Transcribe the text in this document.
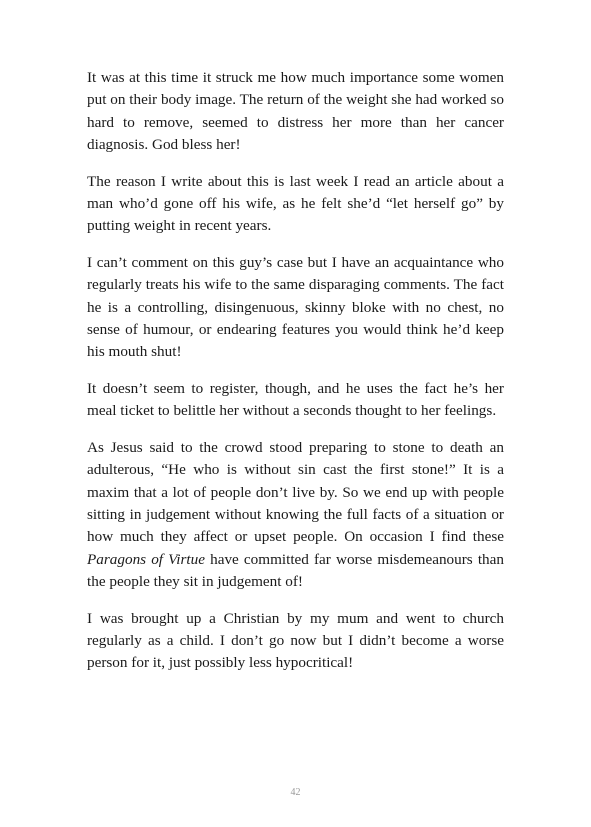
It was at this time it struck me how much importance some women put on their body image. The return of the weight she had worked so hard to remove, seemed to distress her more than her cancer diagnosis. God bless her!

The reason I write about this is last week I read an article about a man who’d gone off his wife, as he felt she’d “let herself go” by putting weight in recent years.

I can’t comment on this guy’s case but I have an acquaintance who regularly treats his wife to the same disparaging comments. The fact he is a controlling, disingenuous, skinny bloke with no chest, no sense of humour, or endearing features you would think he’d keep his mouth shut!

It doesn’t seem to register, though, and he uses the fact he’s her meal ticket to belittle her without a seconds thought to her feelings.

As Jesus said to the crowd stood preparing to stone to death an adulterous, “He who is without sin cast the first stone!” It is a maxim that a lot of people don’t live by. So we end up with people sitting in judgement without knowing the full facts of a situation or how much they affect or upset people. On occasion I find these Paragons of Virtue have committed far worse misdemeanours than the people they sit in judgement of!

I was brought up a Christian by my mum and went to church regularly as a child. I don’t go now but I didn’t become a worse person for it, just possibly less hypocritical!

42
